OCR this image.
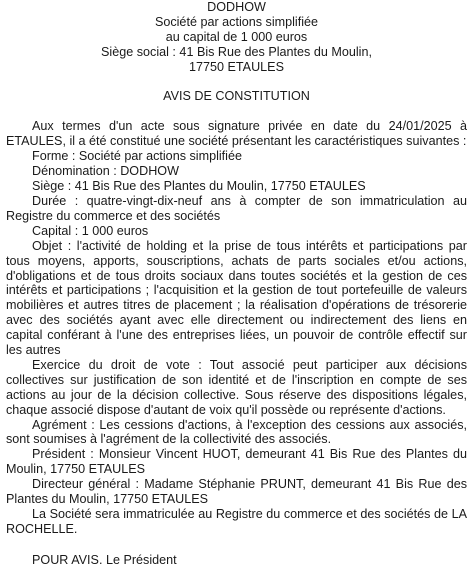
DODHOW
Société par actions simplifiée
au capital de 1 000 euros
Siège social : 41 Bis Rue des Plantes du Moulin,
17750 ETAULES
AVIS DE CONSTITUTION

Aux termes d'un acte sous signature privée en date du 24/01/2025 à ETAULES, il a été constitué une société présentant les caractéristiques suivantes :

Forme : Société par actions simplifiée

Dénomination : DODHOW

Siège : 41 Bis Rue des Plantes du Moulin, 17750 ETAULES

Durée : quatre-vingt-dix-neuf ans à compter de son immatriculation au Registre du commerce et des sociétés

Capital : 1 000 euros

Objet : l'activité de holding et la prise de tous intérêts et participations par tous moyens, apports, souscriptions, achats de parts sociales et/ou actions, d'obligations et de tous droits sociaux dans toutes sociétés et la gestion de ces intérêts et participations ; l'acquisition et la gestion de tout portefeuille de valeurs mobilières et autres titres de placement ; la réalisation d'opérations de trésorerie avec des sociétés ayant avec elle directement ou indirectement des liens en capital conférant à l'une des entreprises liées, un pouvoir de contrôle effectif sur les autres

Exercice du droit de vote : Tout associé peut participer aux décisions collectives sur justification de son identité et de l'inscription en compte de ses actions au jour de la décision collective. Sous réserve des dispositions légales, chaque associé dispose d'autant de voix qu'il possède ou représente d'actions.

Agrément : Les cessions d'actions, à l'exception des cessions aux associés, sont soumises à l'agrément de la collectivité des associés.

Président : Monsieur Vincent HUOT, demeurant 41 Bis Rue des Plantes du Moulin, 17750 ETAULES

Directeur général : Madame Stéphanie PRUNT, demeurant 41 Bis Rue des Plantes du Moulin, 17750 ETAULES

La Société sera immatriculée au Registre du commerce et des sociétés de LA ROCHELLE.

POUR AVIS. Le Président
